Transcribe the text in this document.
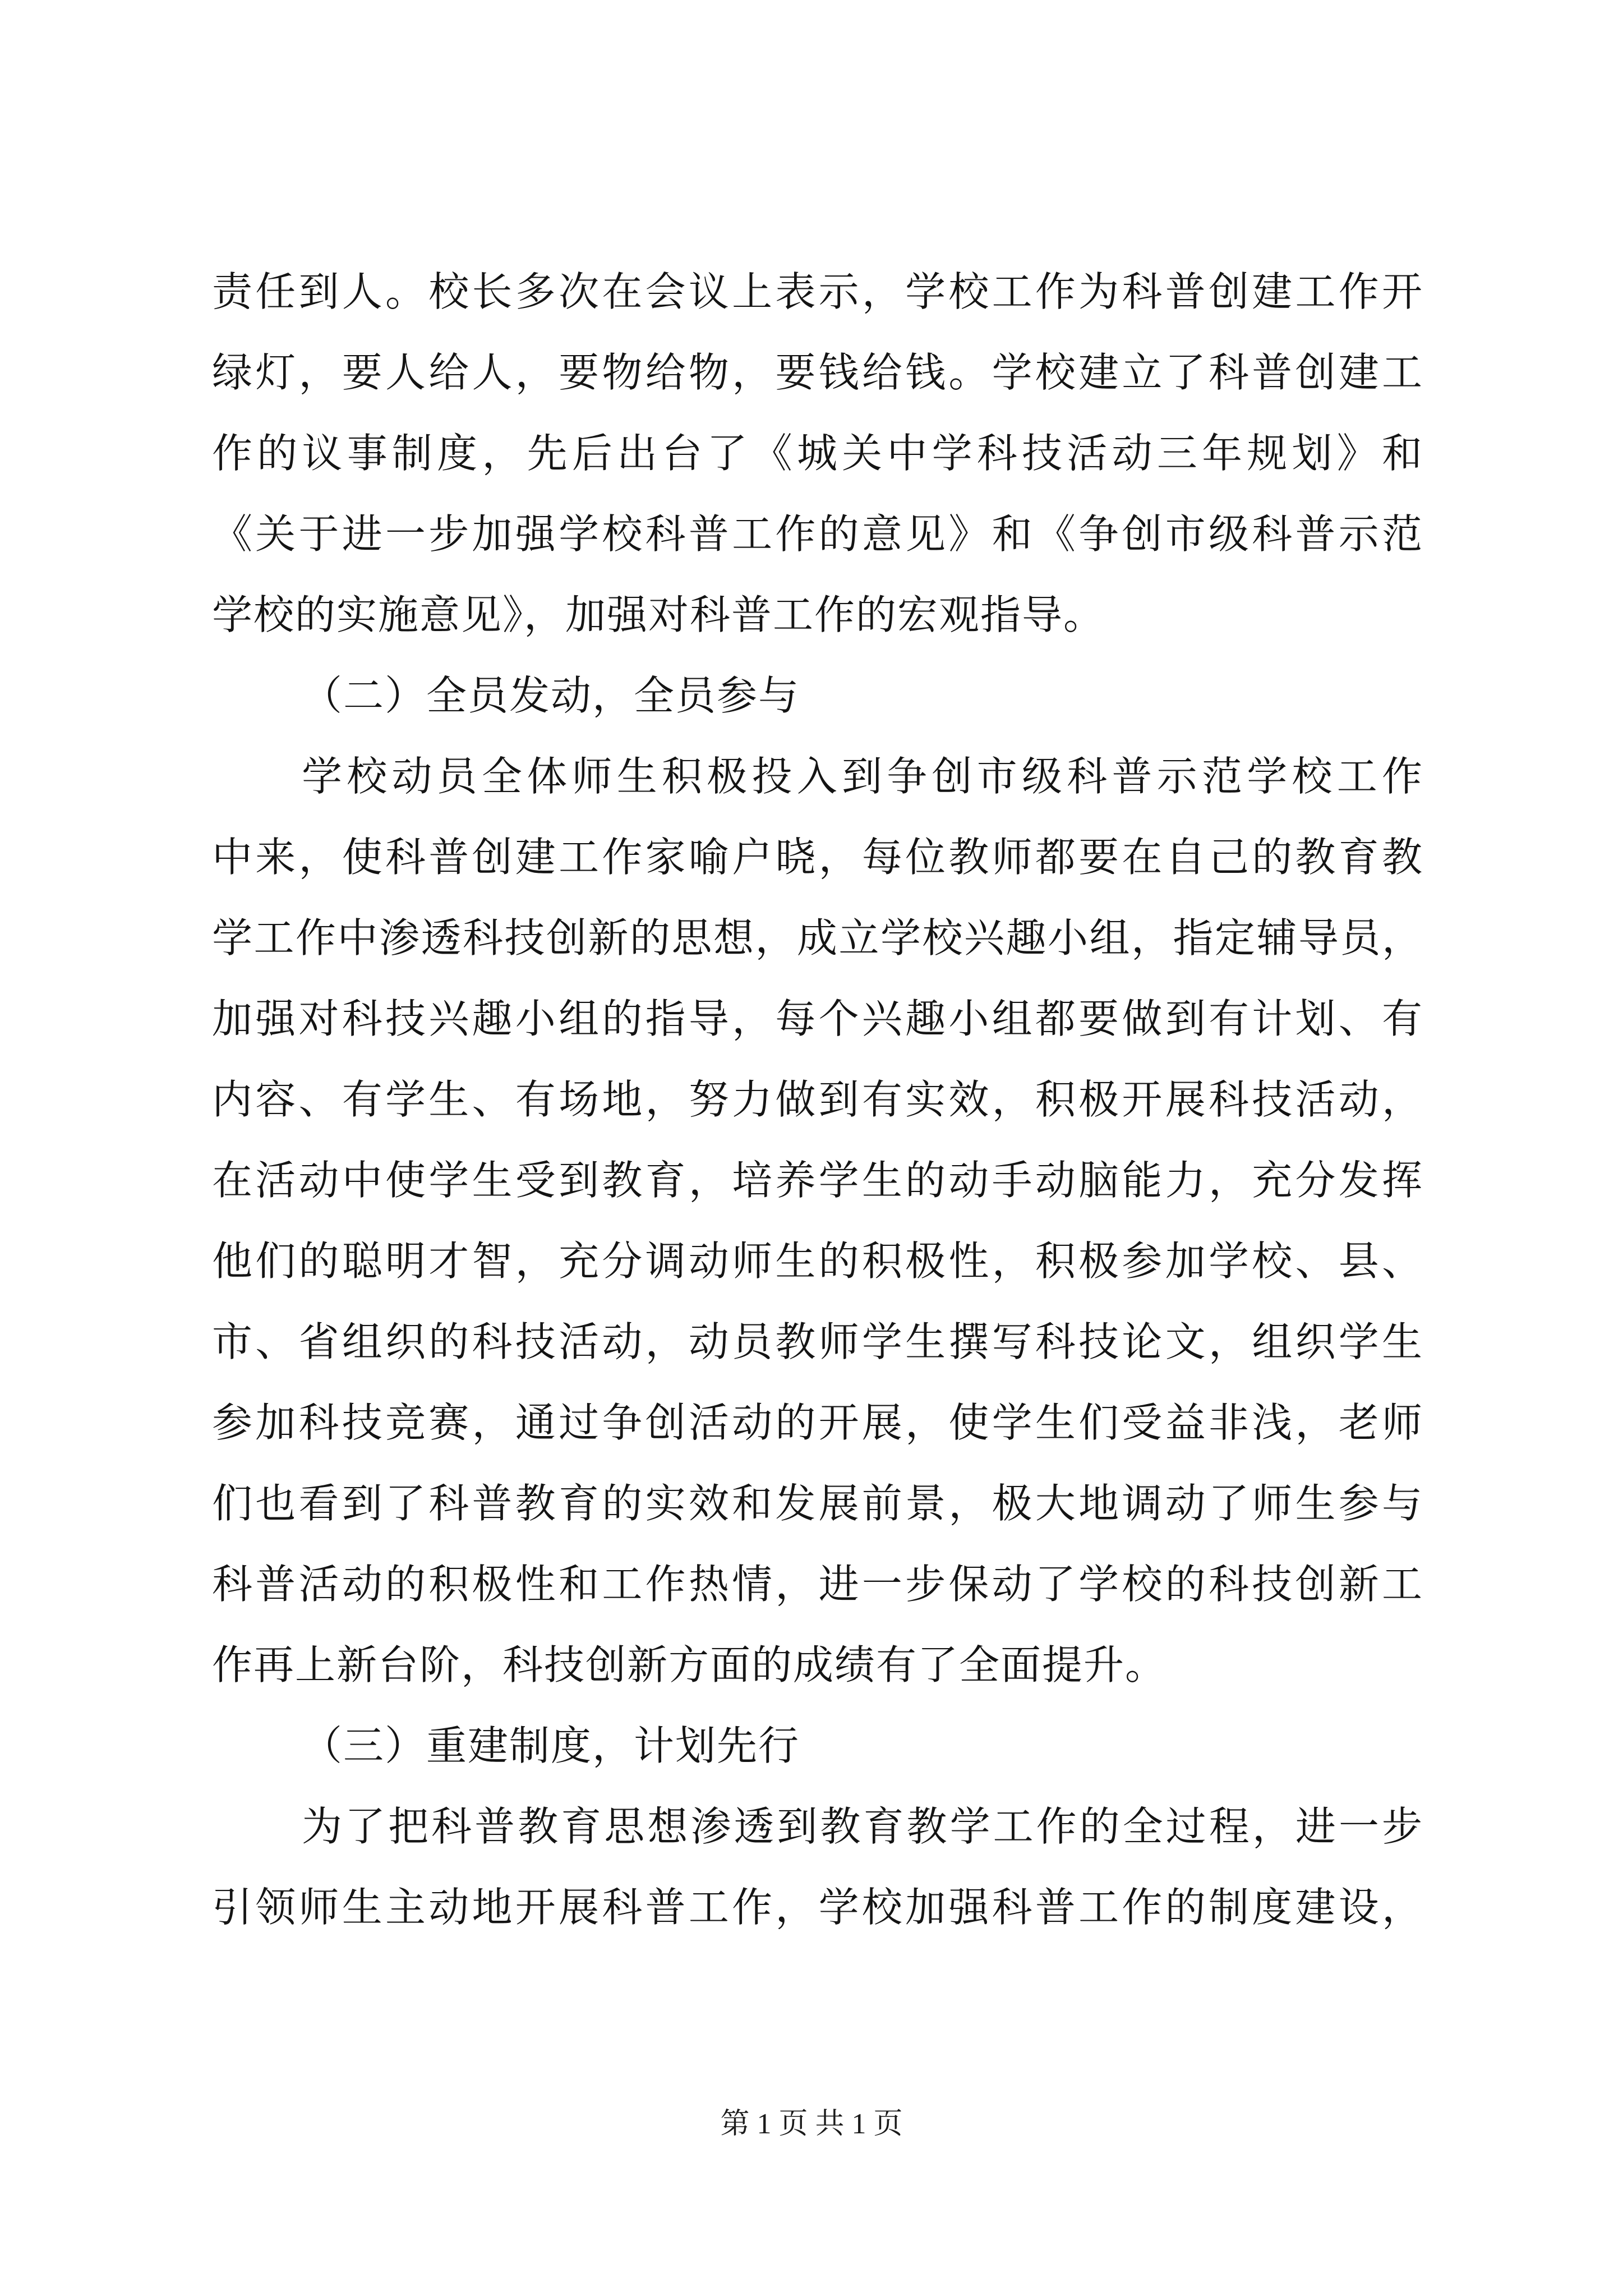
责任到人。校长多次在会议上表示，学校工作为科普创建工作开
绿灯，要人给人，要物给物，要钱给钱。学校建立了科普创建工
作的议事制度，先后出台了《城关中学科技活动三年规划》和
《关于进一步加强学校科普工作的意见》和《争创市级科普示范
学校的实施意见》，加强对科普工作的宏观指导。
（二）全员发动，全员参与
学校动员全体师生积极投入到争创市级科普示范学校工作
中来，使科普创建工作家喻户晓，每位教师都要在自己的教育教
学工作中渗透科技创新的思想，成立学校兴趣小组，指定辅导员，
加强对科技兴趣小组的指导，每个兴趣小组都要做到有计划、有
内容、有学生、有场地，努力做到有实效，积极开展科技活动，
在活动中使学生受到教育，培养学生的动手动脑能力，充分发挥
他们的聪明才智，充分调动师生的积极性，积极参加学校、县、
市、省组织的科技活动，动员教师学生撰写科技论文，组织学生
参加科技竞赛，通过争创活动的开展，使学生们受益非浅，老师
们也看到了科普教育的实效和发展前景，极大地调动了师生参与
科普活动的积极性和工作热情，进一步保动了学校的科技创新工
作再上新台阶，科技创新方面的成绩有了全面提升。
（三）重建制度，计划先行
为了把科普教育思想渗透到教育教学工作的全过程，进一步
引领师生主动地开展科普工作，学校加强科普工作的制度建设，
第 1 页 共 1 页
